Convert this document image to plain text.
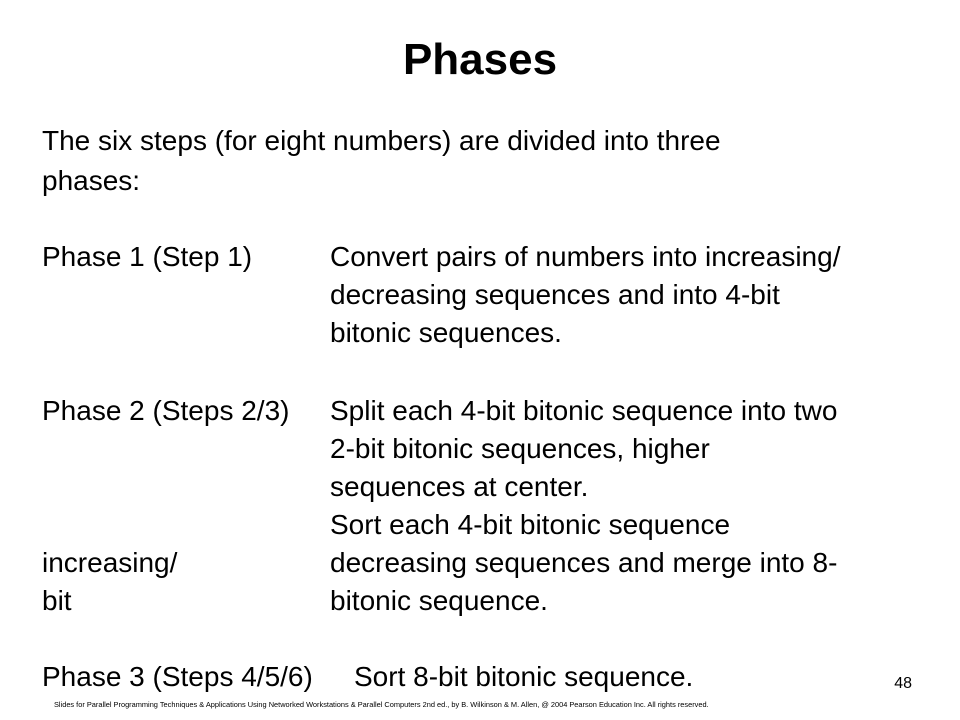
Phases
The six steps (for eight numbers) are divided into three
phases:
Phase 1 (Step 1)	Convert pairs of numbers into increasing/
decreasing sequences and into 4-bit
bitonic sequences.
Phase 2 (Steps 2/3) Split each 4-bit bitonic sequence into two
2-bit bitonic sequences, higher
sequences at center.
Sort each 4-bit bitonic sequence
increasing/	decreasing sequences and merge into 8-
bit	bitonic sequence.
Phase 3 (Steps 4/5/6) Sort 8-bit bitonic sequence.	48
Slides for Parallel Programming Techniques & Applications Using Networked Workstations & Parallel Computers 2nd ed., by B. Wilkinson & M. Allen, @ 2004 Pearson Education Inc. All rights reserved.
